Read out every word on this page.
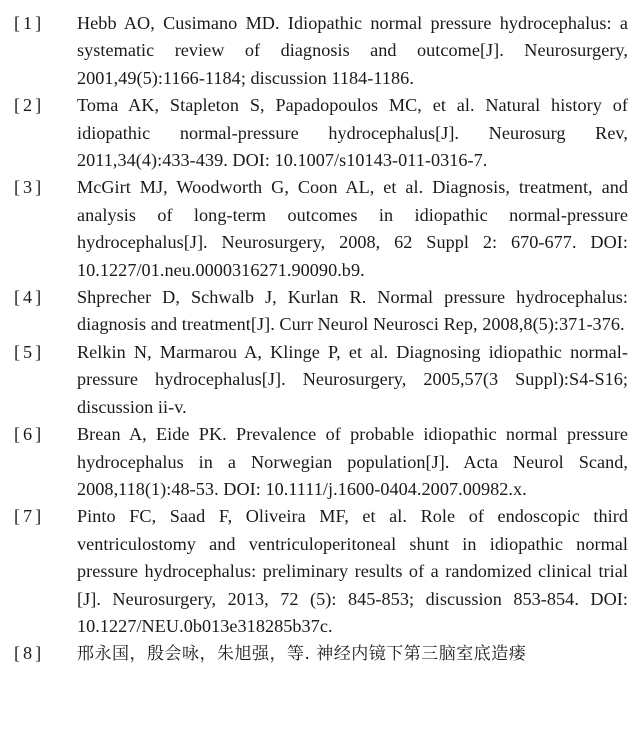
[1]	Hebb AO, Cusimano MD. Idiopathic normal pressure hydrocephalus: a systematic review of diagnosis and outcome[J]. Neurosurgery, 2001,49(5):1166-1184; discussion 1184-1186.
[2]	Toma AK, Stapleton S, Papadopoulos MC, et al. Natural history of idiopathic normal-pressure hydrocephalus[J]. Neurosurg Rev, 2011,34(4):433-439. DOI: 10.1007/s10143-011-0316-7.
[3]	McGirt MJ, Woodworth G, Coon AL, et al. Diagnosis, treatment, and analysis of long-term outcomes in idiopathic normal-pressure hydrocephalus[J]. Neurosurgery, 2008, 62 Suppl 2: 670-677. DOI: 10.1227/01.neu.0000316271.90090.b9.
[4]	Shprecher D, Schwalb J, Kurlan R. Normal pressure hydrocephalus: diagnosis and treatment[J]. Curr Neurol Neurosci Rep, 2008,8(5):371-376.
[5]	Relkin N, Marmarou A, Klinge P, et al. Diagnosing idiopathic normal-pressure hydrocephalus[J]. Neurosurgery, 2005,57(3 Suppl):S4-S16; discussion ii-v.
[6]	Brean A, Eide PK. Prevalence of probable idiopathic normal pressure hydrocephalus in a Norwegian population[J]. Acta Neurol Scand, 2008,118(1):48-53. DOI: 10.1111/j.1600-0404.2007.00982.x.
[7]	Pinto FC, Saad F, Oliveira MF, et al. Role of endoscopic third ventriculostomy and ventriculoperitoneal shunt in idiopathic normal pressure hydrocephalus: preliminary results of a randomized clinical trial [J]. Neurosurgery, 2013, 72 (5): 845-853; discussion 853-854. DOI: 10.1227/NEU.0b013e318285b37c.
[8]	邢永国，殷会咏，朱旭强，等. 神经内镜下第三脑室底造瘘
